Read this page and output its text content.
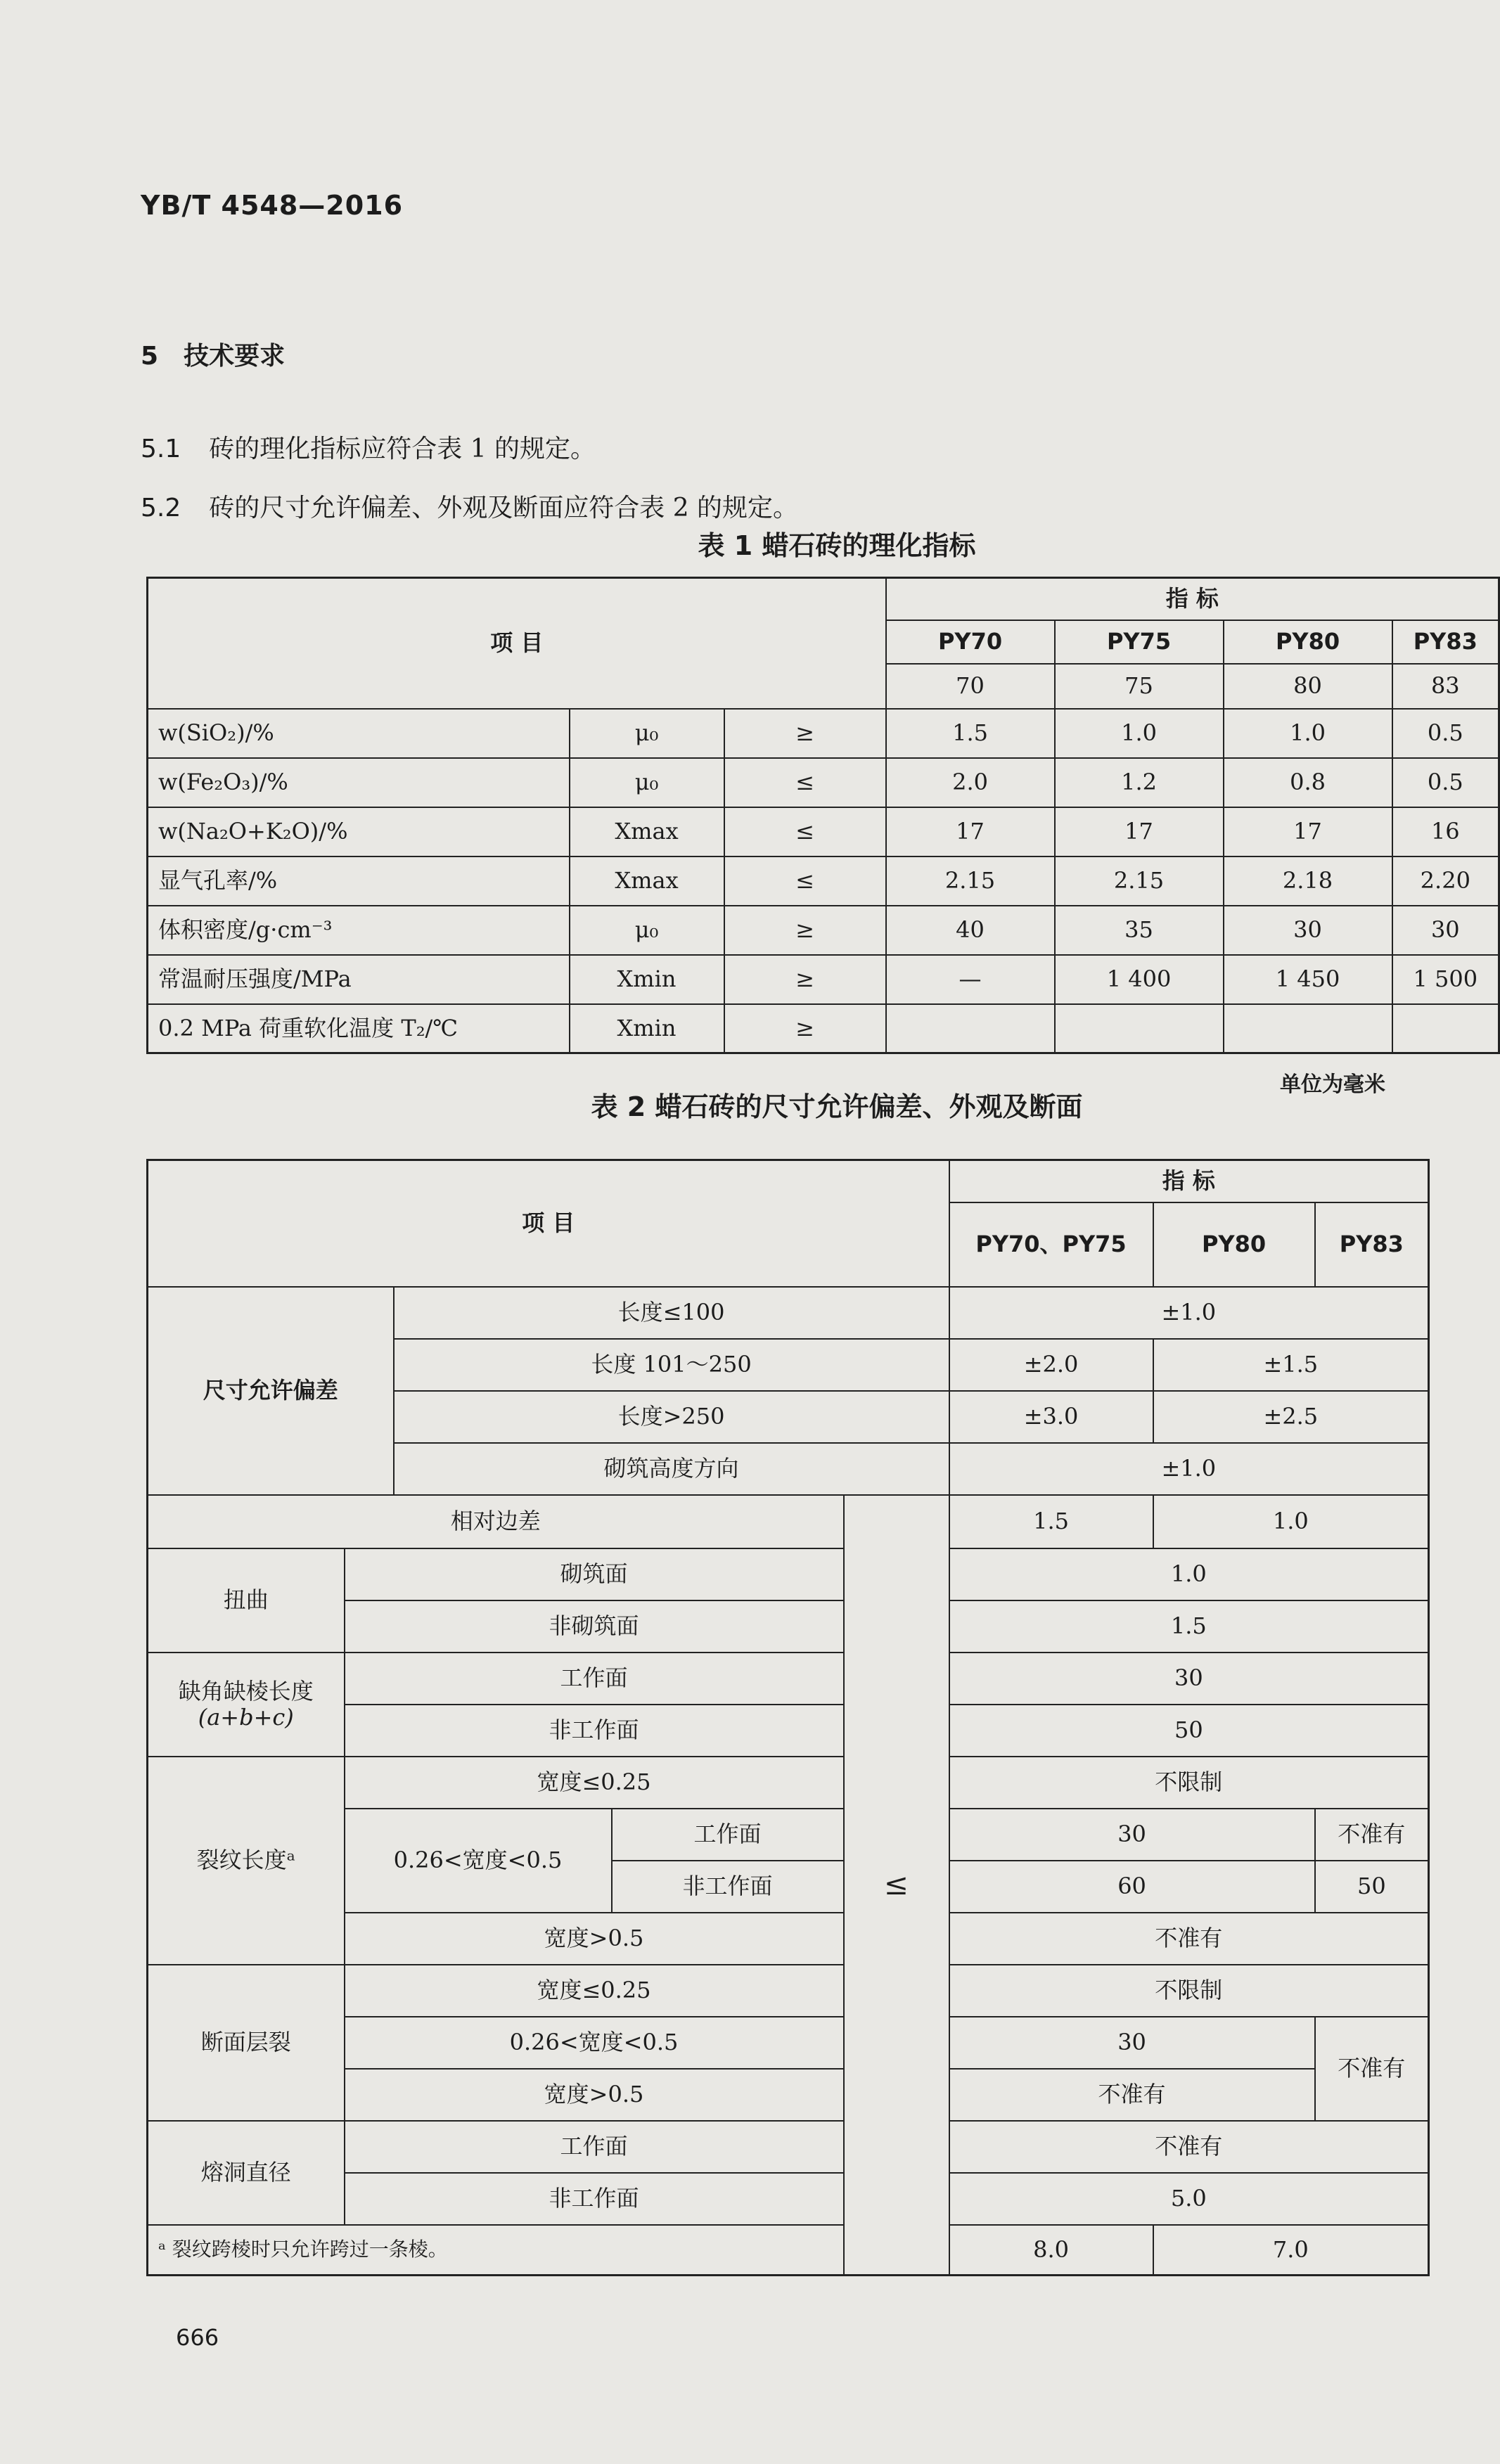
YB/T 4548—2016
5 技术要求
5.1 砖的理化指标应符合表 1 的规定。
5.2 砖的尺寸允许偏差、外观及断面应符合表 2 的规定。
表 1 蜡石砖的理化指标
项 目			指 标			
			PY70	PY75	PY80	PY83
			70	75	80	83
w(SiO₂)/%	μ₀	≥	1.5	1.0	1.0	0.5
w(Fe₂O₃)/%	μ₀	≤	2.0	1.2	0.8	0.5
w(Na₂O+K₂O)/%	Xmax	≤	17	17	17	16
显气孔率/%	Xmax	≤	2.15	2.15	2.18	2.20
体积密度/g·cm⁻³	μ₀	≥	40	35	30	30
常温耐压强度/MPa	Xmin	≥	—	1 400	1 450	1 500
0.2 MPa 荷重软化温度 T₂/℃	Xmin	≥				
表 2 蜡石砖的尺寸允许偏差、外观及断面
单位为毫米
项 目					指 标		
					PY70、PY75	PY80	PY83
尺寸允许偏差		长度≤100			±1.0		
		长度 101～250			±2.0	±1.5	
		长度>250			±3.0	±2.5	
		砌筑高度方向			±1.0		
相对边差				≤	1.5	1.0	
扭曲	砌筑面				1.0		
	非砌筑面				1.5		

缺角缺棱长度
(a+b+c)	工作面				30		
	非工作面				50		
裂纹长度ᵃ	宽度≤0.25				不限制		
	0.26<宽度<0.5		工作面		30		不准有
			非工作面		60		50
	宽度>0.5				不准有		
断面层裂	宽度≤0.25				不限制		
	0.26<宽度<0.5				30		不准有
	宽度>0.5				不准有		
熔洞直径	工作面				不准有		
	非工作面				5.0		
ᵃ 裂纹跨棱时只允许跨过一条棱。					8.0	7.0	
666
